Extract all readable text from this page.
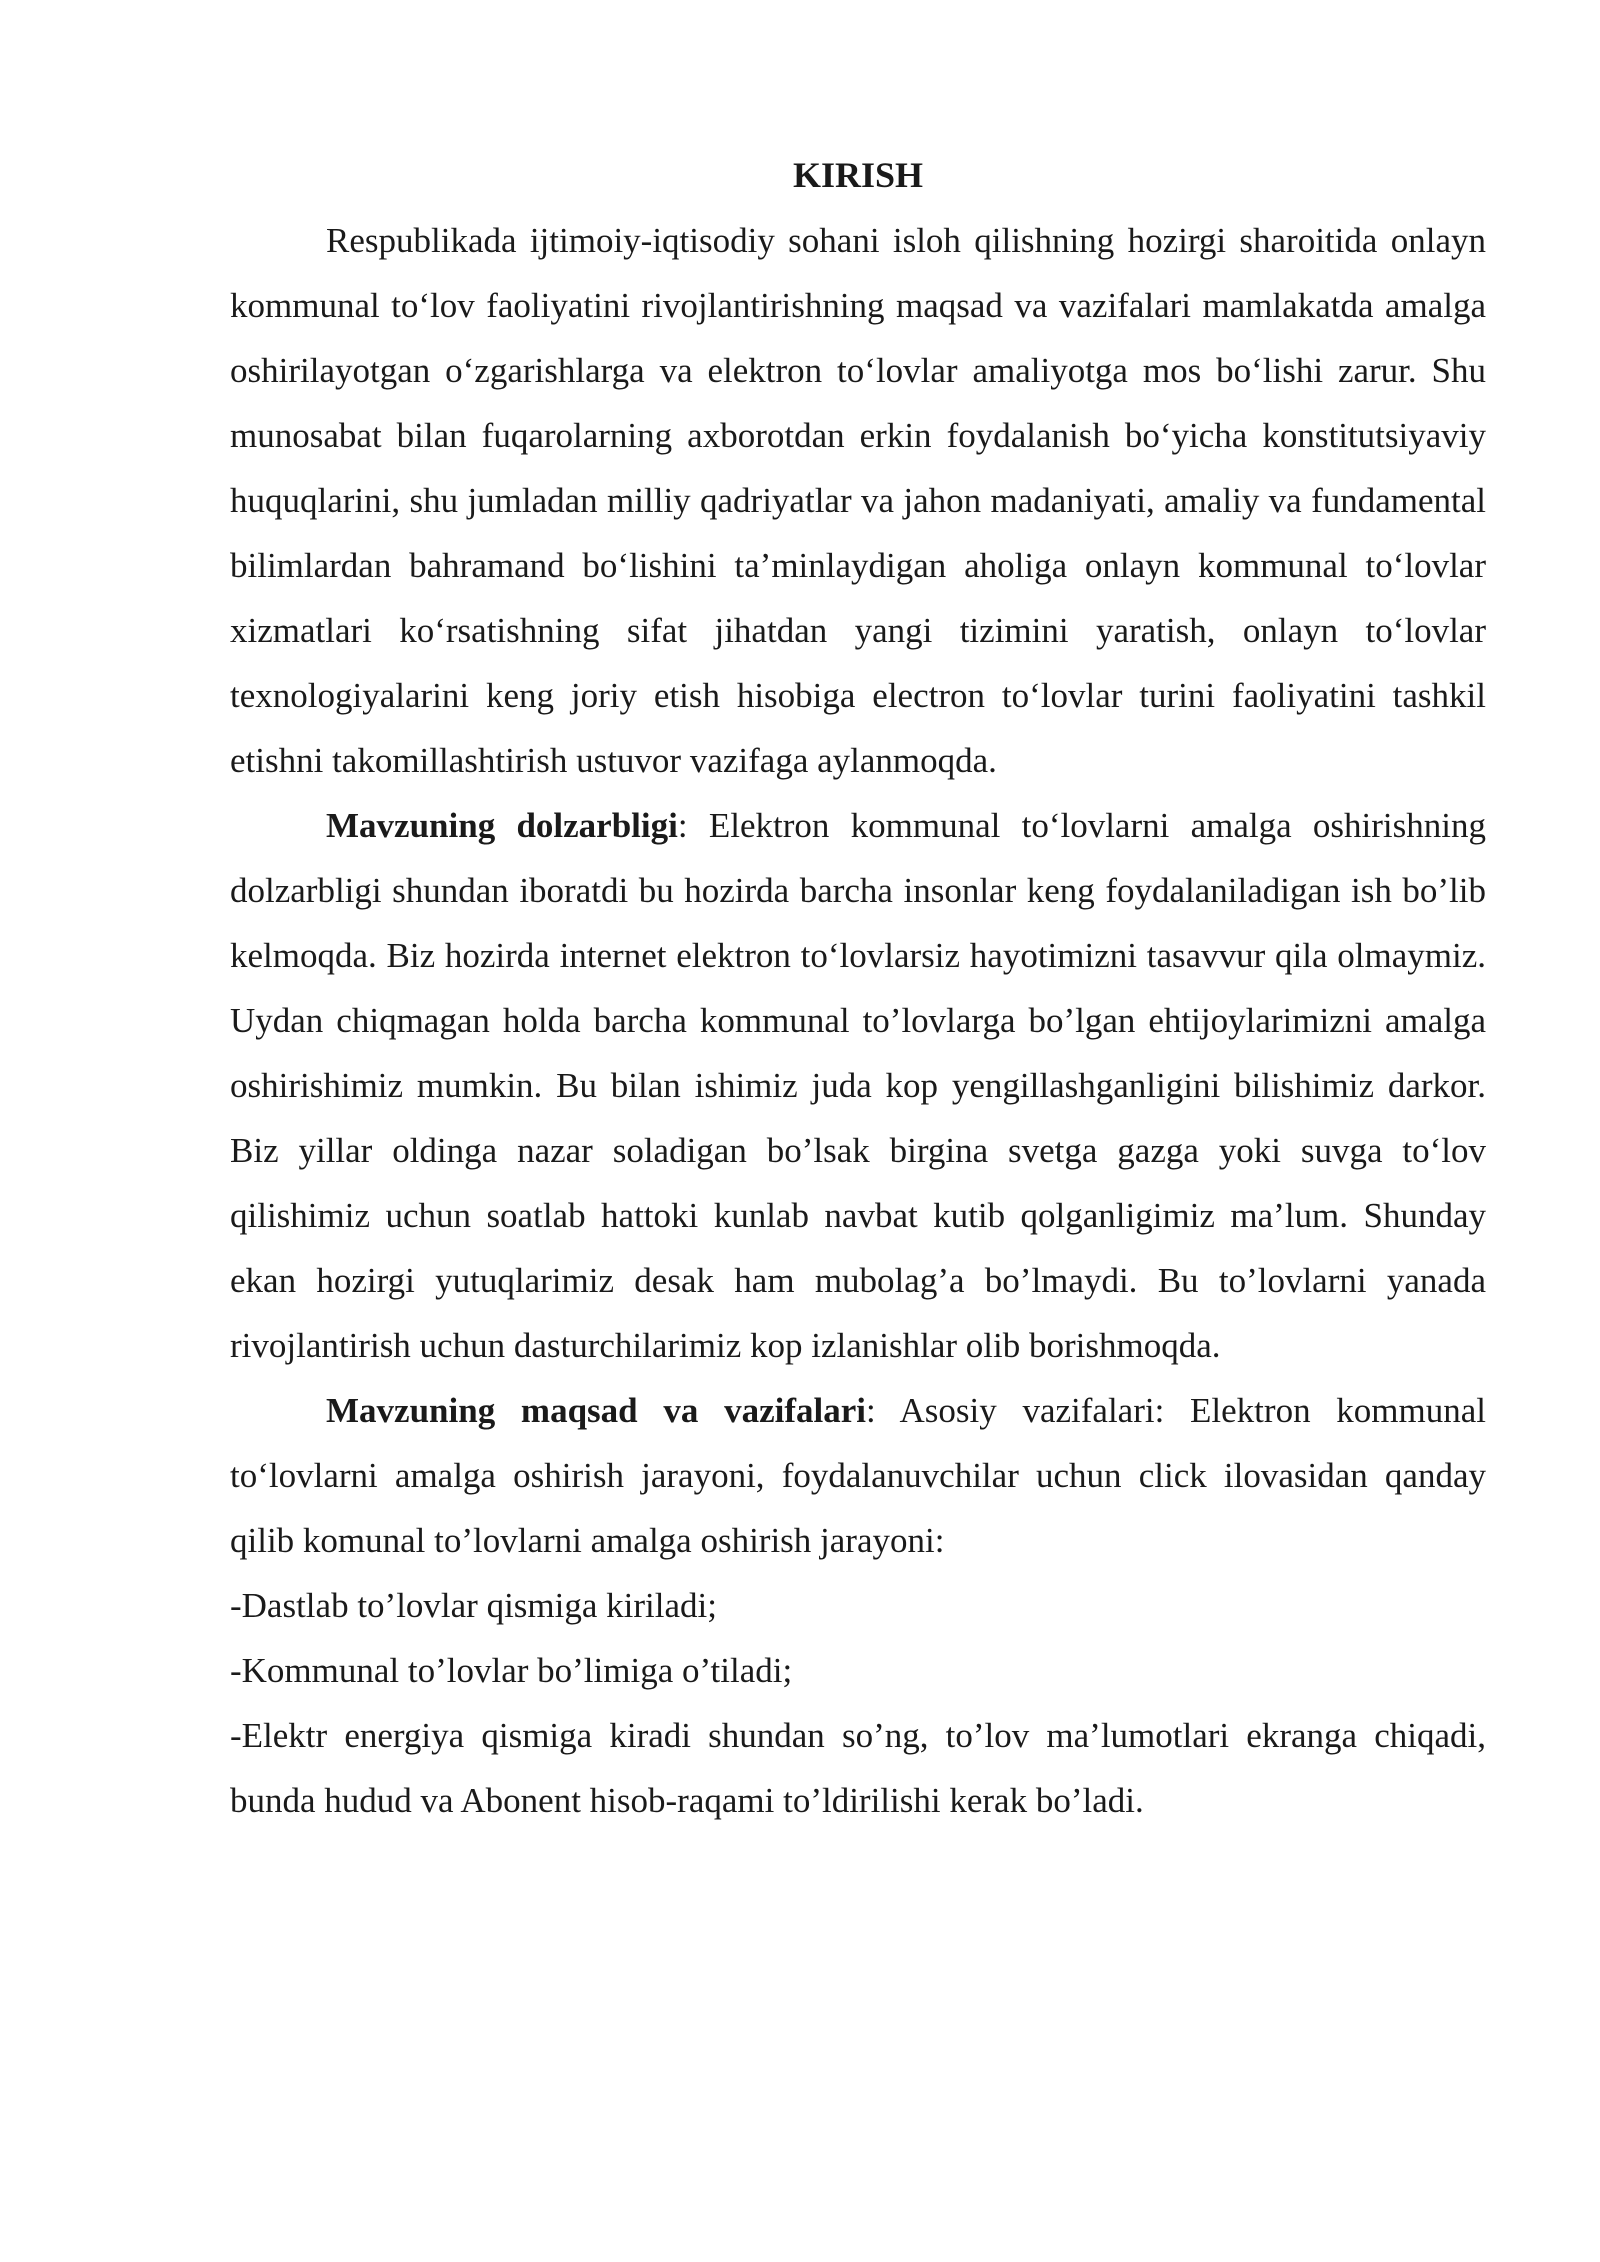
KIRISH

Respublikada ijtimoiy-iqtisodiy sohani isloh qilishning hozirgi sharoitida onlayn kommunal to‘lov faoliyatini rivojlantirishning maqsad va vazifalari mamlakatda amalga oshirilayotgan o‘zgarishlarga va elektron to‘lovlar amaliyotga mos bo‘lishi zarur. Shu munosabat bilan fuqarolarning axborotdan erkin foydalanish bo‘yicha konstitutsiyaviy huquqlarini, shu jumladan milliy qadriyatlar va jahon madaniyati, amaliy va fundamental bilimlardan bahramand bo‘lishini ta’minlaydigan aholiga onlayn kommunal to‘lovlar xizmatlari ko‘rsatishning sifat jihatdan yangi tizimini yaratish, onlayn to‘lovlar texnologiyalarini keng joriy etish hisobiga electron to‘lovlar turini faoliyatini tashkil etishni takomillashtirish ustuvor vazifaga aylanmoqda.

Mavzuning dolzarbligi: Elektron kommunal to‘lovlarni amalga oshirishning dolzarbligi shundan iboratdi bu hozirda barcha insonlar keng foydalaniladigan ish bo’lib kelmoqda. Biz hozirda internet elektron to‘lovlarsiz hayotimizni tasavvur qila olmaymiz. Uydan chiqmagan holda barcha kommunal to’lovlarga bo’lgan ehtijoylarimizni amalga oshirishimiz mumkin. Bu bilan ishimiz juda kop yengillashganligini bilishimiz darkor. Biz yillar oldinga nazar soladigan bo’lsak birgina svetga gazga yoki suvga to‘lov qilishimiz uchun soatlab hattoki kunlab navbat kutib qolganligimiz ma’lum. Shunday ekan hozirgi yutuqlarimiz desak ham mubolag’a bo’lmaydi. Bu to’lovlarni yanada rivojlantirish uchun dasturchilarimiz kop izlanishlar olib borishmoqda.

Mavzuning maqsad va vazifalari: Asosiy vazifalari: Elektron kommunal to‘lovlarni amalga oshirish jarayoni, foydalanuvchilar uchun click ilovasidan qanday qilib komunal to’lovlarni amalga oshirish jarayoni:

-Dastlab to’lovlar qismiga kiriladi;
-Kommunal to’lovlar bo’limiga o’tiladi;
-Elektr energiya qismiga kiradi shundan so’ng, to’lov ma’lumotlari ekranga chiqadi, bunda hudud va Abonent hisob-raqami to’ldirilishi kerak bo’ladi.
